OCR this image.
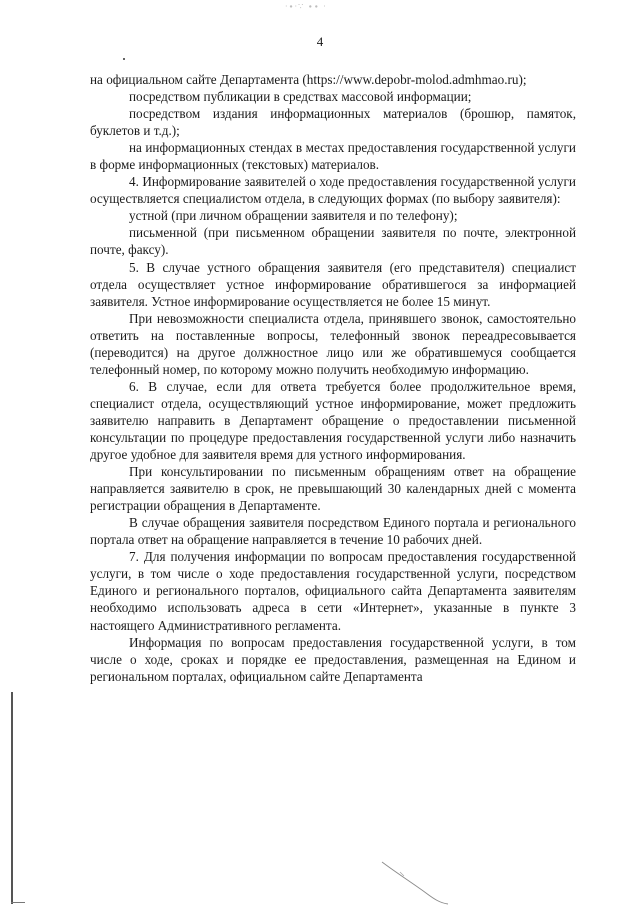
·∙‧∵ ∙∙ ·
4

на официальном сайте Департамента (https://www.depobr-molod.admhmao.ru);

посредством публикации в средствах массовой информации;

посредством издания информационных материалов (брошюр, памяток, буклетов и т.д.);

на информационных стендах в местах предоставления государственной услуги в форме информационных (текстовых) материалов.

4. Информирование заявителей о ходе предоставления государственной услуги осуществляется специалистом отдела, в следующих формах (по выбору заявителя):

устной (при личном обращении заявителя и по телефону);

письменной (при письменном обращении заявителя по почте, электронной почте, факсу).

5. В случае устного обращения заявителя (его представителя) специалист отдела осуществляет устное информирование обратившегося за информацией заявителя. Устное информирование осуществляется не более 15 минут.

При невозможности специалиста отдела, принявшего звонок, самостоятельно ответить на поставленные вопросы, телефонный звонок переадресовывается (переводится) на другое должностное лицо или же обратившемуся сообщается телефонный номер, по которому можно получить необходимую информацию.

6. В случае, если для ответа требуется более продолжительное время, специалист отдела, осуществляющий устное информирование, может предложить заявителю направить в Департамент обращение о предоставлении письменной консультации по процедуре предоставления государственной услуги либо назначить другое удобное для заявителя время для устного информирования.

При консультировании по письменным обращениям ответ на обращение направляется заявителю в срок, не превышающий 30 календарных дней с момента регистрации обращения в Департаменте.

В случае обращения заявителя посредством Единого портала и регионального портала ответ на обращение направляется в течение 10 рабочих дней.

7. Для получения информации по вопросам предоставления государственной услуги, в том числе о ходе предоставления государственной услуги, посредством Единого и регионального порталов, официального сайта Департамента заявителям необходимо использовать адреса в сети «Интернет», указанные в пункте 3 настоящего Административного регламента.

Информация по вопросам предоставления государственной услуги, в том числе о ходе, сроках и порядке ее предоставления, размещенная на Едином и региональном порталах, официальном сайте Департамента
